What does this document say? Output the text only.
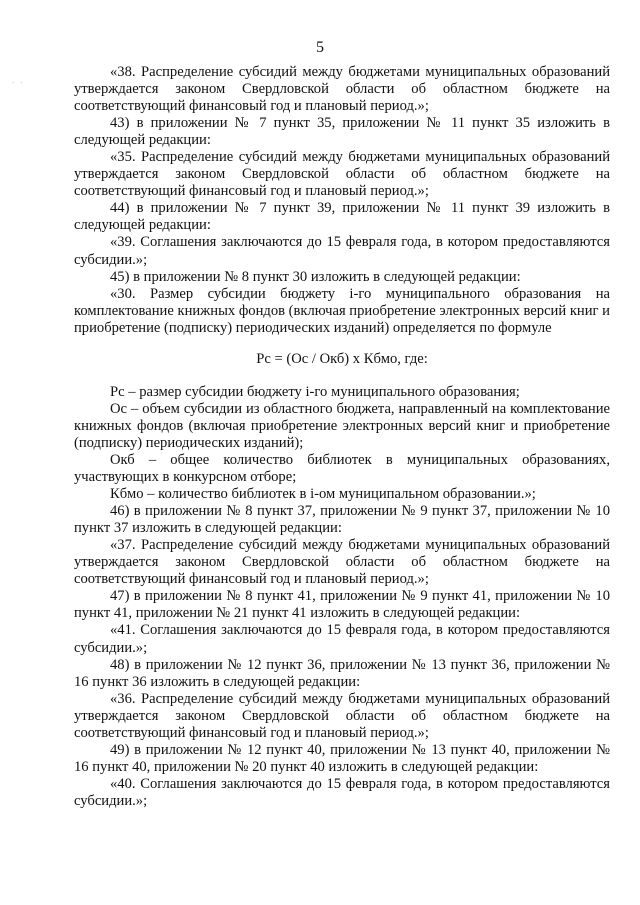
5
· ·

«38. Распределение субсидий между бюджетами муниципальных образований утверждается законом Свердловской области об областном бюджете на соответствующий финансовый год и плановый период.»;

43) в приложении № 7 пункт 35, приложении № 11 пункт 35 изложить в следующей редакции:

«35. Распределение субсидий между бюджетами муниципальных образований утверждается законом Свердловской области об областном бюджете на соответствующий финансовый год и плановый период.»;

44) в приложении № 7 пункт 39, приложении № 11 пункт 39 изложить в следующей редакции:

«39. Соглашения заключаются до 15 февраля года, в котором предоставляются субсидии.»;

45) в приложении № 8 пункт 30 изложить в следующей редакции:

«30. Размер субсидии бюджету i-го муниципального образования на комплектование книжных фондов (включая приобретение электронных версий книг и приобретение (подписку) периодических изданий) определяется по формуле

Рс = (Ос / Окб) х Кбмо, где:

Рс – размер субсидии бюджету i-го муниципального образования;

Ос – объем субсидии из областного бюджета, направленный на комплектование книжных фондов (включая приобретение электронных версий книг и приобретение (подписку) периодических изданий);

Окб – общее количество библиотек в муниципальных образованиях, участвующих в конкурсном отборе;

Кбмо – количество библиотек в i-ом муниципальном образовании.»;

46) в приложении № 8 пункт 37, приложении № 9 пункт 37, приложении № 10 пункт 37 изложить в следующей редакции:

«37. Распределение субсидий между бюджетами муниципальных образований утверждается законом Свердловской области об областном бюджете на соответствующий финансовый год и плановый период.»;

47) в приложении № 8 пункт 41, приложении № 9 пункт 41, приложении № 10 пункт 41, приложении № 21 пункт 41 изложить в следующей редакции:

«41. Соглашения заключаются до 15 февраля года, в котором предоставляются субсидии.»;

48) в приложении № 12 пункт 36, приложении № 13 пункт 36, приложении № 16 пункт 36 изложить в следующей редакции:

«36. Распределение субсидий между бюджетами муниципальных образований утверждается законом Свердловской области об областном бюджете на соответствующий финансовый год и плановый период.»;

49) в приложении № 12 пункт 40, приложении № 13 пункт 40, приложении № 16 пункт 40, приложении № 20 пункт 40 изложить в следующей редакции:

«40. Соглашения заключаются до 15 февраля года, в котором предоставляются субсидии.»;
